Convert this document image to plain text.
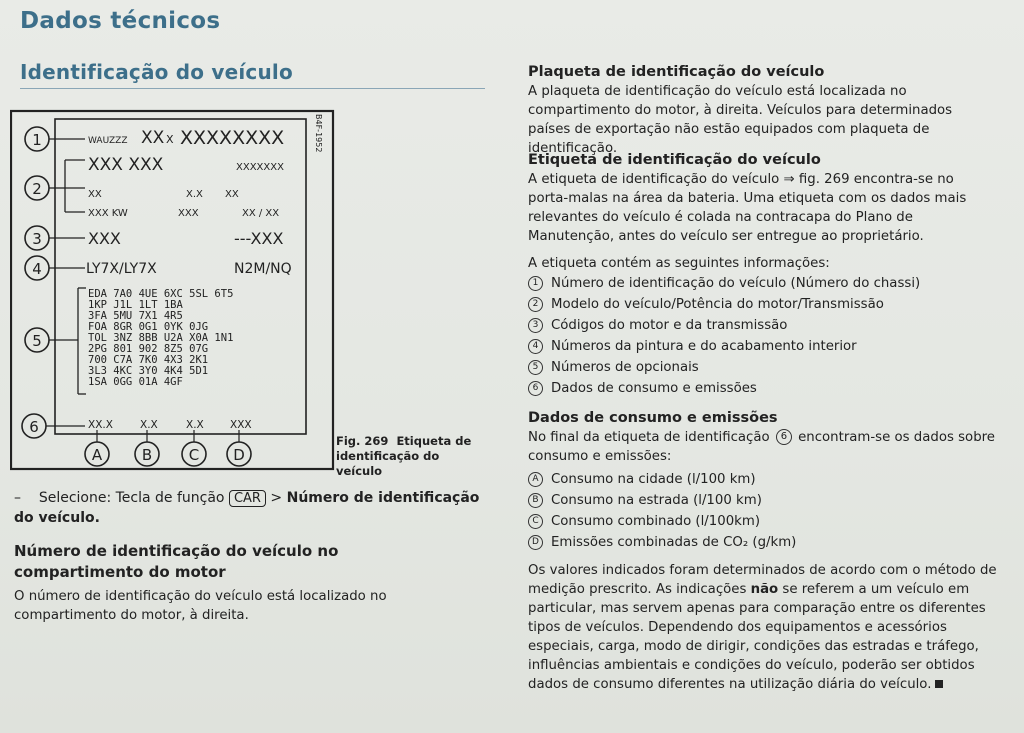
Dados técnicos
Identificação do veículo
B4F-1952
1	WAUZZZ XX X XXXXXXXX
2
XXX XXX	XXXXXXX
XX	X.X XX
XXX KW	XXX	XX / XX
3	XXX	---XXX
4	LY7X/LY7X	N2M/NQ
5
EDA 7A0 4UE 6XC 5SL 6T5
1KP J1L 1LT 1BA
3FA 5MU 7X1 4R5
FOA 8GR 0G1 0YK 0JG
TOL 3NZ 8BB U2A X0A 1N1
2PG 801 902 8Z5 07G
700 C7A 7K0 4X3 2K1
3L3 4KC 3Y0 4K4 5D1
1SA 0GG 01A 4GF
6	XX.X	X.X	X.X	XXX
A	B C D
Fig. 269 Etiqueta de identificação do veículo
– Selecione: Tecla de função CAR > Número de identificação do veículo.
Número de identificação do veículo no compartimento do motor
O número de identificação do veículo está localizado no compartimento do motor, à direita.
Plaqueta de identificação do veículo
A plaqueta de identificação do veículo está localizada no compartimento do motor, à direita. Veículos para determinados países de exportação não estão equipados com plaqueta de identificação.
Etiqueta de identificação do veículo
A etiqueta de identificação do veículo ⇒ fig. 269 encontra-se no porta-malas na área da bateria. Uma etiqueta com os dados mais relevantes do veículo é colada na contracapa do Plano de Manutenção, antes do veículo ser entregue ao proprietário.
A etiqueta contém as seguintes informações:
1 Número de identificação do veículo (Número do chassi)
2 Modelo do veículo/Potência do motor/Transmissão
3 Códigos do motor e da transmissão
4 Números da pintura e do acabamento interior
5 Números de opcionais
6 Dados de consumo e emissões
Dados de consumo e emissões
No final da etiqueta de identificação 6 encontram-se os dados sobre consumo e emissões:
A Consumo na cidade (l/100 km)
B Consumo na estrada (l/100 km)
C Consumo combinado (l/100km)
D Emissões combinadas de CO₂ (g/km)
Os valores indicados foram determinados de acordo com o método de medição prescrito. As indicações não se referem a um veículo em particular, mas servem apenas para comparação entre os diferentes tipos de veículos. Dependendo dos equipamentos e acessórios especiais, carga, modo de dirigir, condições das estradas e tráfego, influências ambientais e condições do veículo, poderão ser obtidos dados de consumo diferentes na utilização diária do veículo.
